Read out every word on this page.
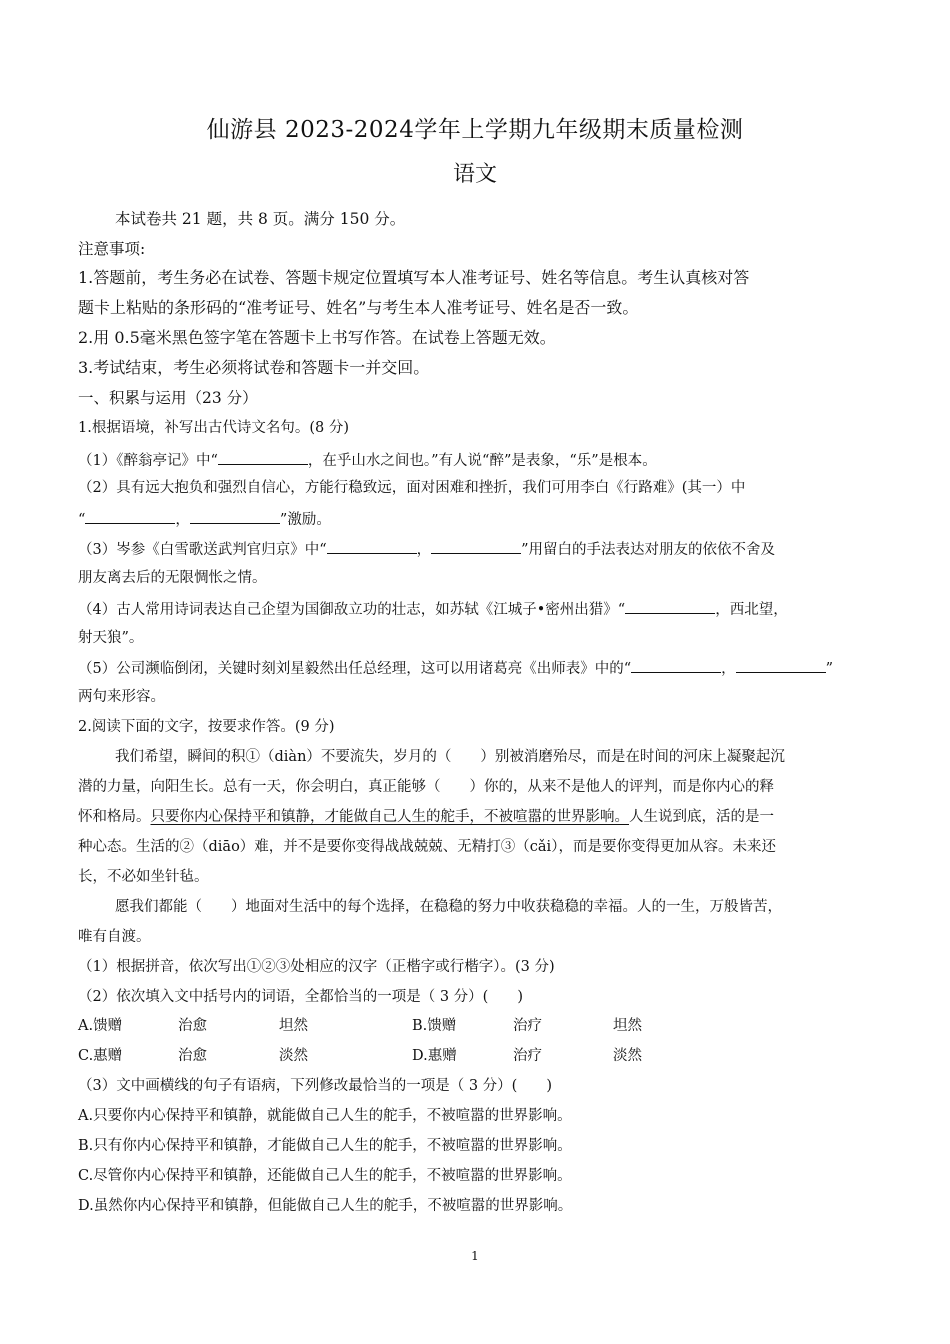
仙游县 2023-2024学年上学期九年级期末质量检测
语文
本试卷共 21 题，共 8 页。满分 150 分。
注意事项:
1.答题前，考生务必在试卷、答题卡规定位置填写本人准考证号、姓名等信息。考生认真核对答
题卡上粘贴的条形码的“准考证号、姓名”与考生本人准考证号、姓名是否一致。
2.用 0.5毫米黑色签字笔在答题卡上书写作答。在试卷上答题无效。
3.考试结束，考生必须将试卷和答题卡一并交回。
一、积累与运用（23 分）
1.根据语境，补写出古代诗文名句。(8 分)
（1）《醉翁亭记》中“	，在乎山水之间也。”有人说“醉”是表象，“乐”是根本。
（2）具有远大抱负和强烈自信心，方能行稳致远，面对困难和挫折，我们可用李白《行路难》(其一）中
“	，	”激励。
（3）岑参《白雪歌送武判官归京》中“	，	”用留白的手法表达对朋友的依依不舍及
朋友离去后的无限惆怅之情。
（4）古人常用诗词表达自己企望为国御敌立功的壮志，如苏轼《江城子•密州出猎》“	，西北望，
射天狼”。
（5）公司濒临倒闭，关键时刻刘星毅然出任总经理，这可以用诸葛亮《出师表》中的“	，	”
两句来形容。
2.阅读下面的文字，按要求作答。(9 分)
我们希望，瞬间的积①（diàn）不要流失，岁月的（　　）别被消磨殆尽，而是在时间的河床上凝聚起沉
潜的力量，向阳生长。总有一天，你会明白，真正能够（　　）你的，从来不是他人的评判，而是你内心的释
怀和格局。只要你内心保持平和镇静，才能做自己人生的舵手，不被喧嚣的世界影响。人生说到底，活的是一
种心态。生活的②（diāo）难，并不是要你变得战战兢兢、无精打③（cǎi），而是要你变得更加从容。未来还
长，不必如坐针毡。
愿我们都能（　　）地面对生活中的每个选择，在稳稳的努力中收获稳稳的幸福。人的一生，万般皆苦，
唯有自渡。
（1）根据拼音，依次写出①②③处相应的汉字（正楷字或行楷字）。(3 分)
（2）依次填入文中括号内的词语，全都恰当的一项是（ 3 分）(　　)
A.馈赠	治愈	坦然	B.馈赠	治疗	坦然
C.惠赠	治愈	淡然	D.惠赠	治疗	淡然
（3）文中画横线的句子有语病，下列修改最恰当的一项是（ 3 分）(　　)
A.只要你内心保持平和镇静，就能做自己人生的舵手，不被喧嚣的世界影响。
B.只有你内心保持平和镇静，才能做自己人生的舵手，不被喧嚣的世界影响。
C.尽管你内心保持平和镇静，还能做自己人生的舵手，不被喧嚣的世界影响。
D.虽然你内心保持平和镇静，但能做自己人生的舵手，不被喧嚣的世界影响。
1
